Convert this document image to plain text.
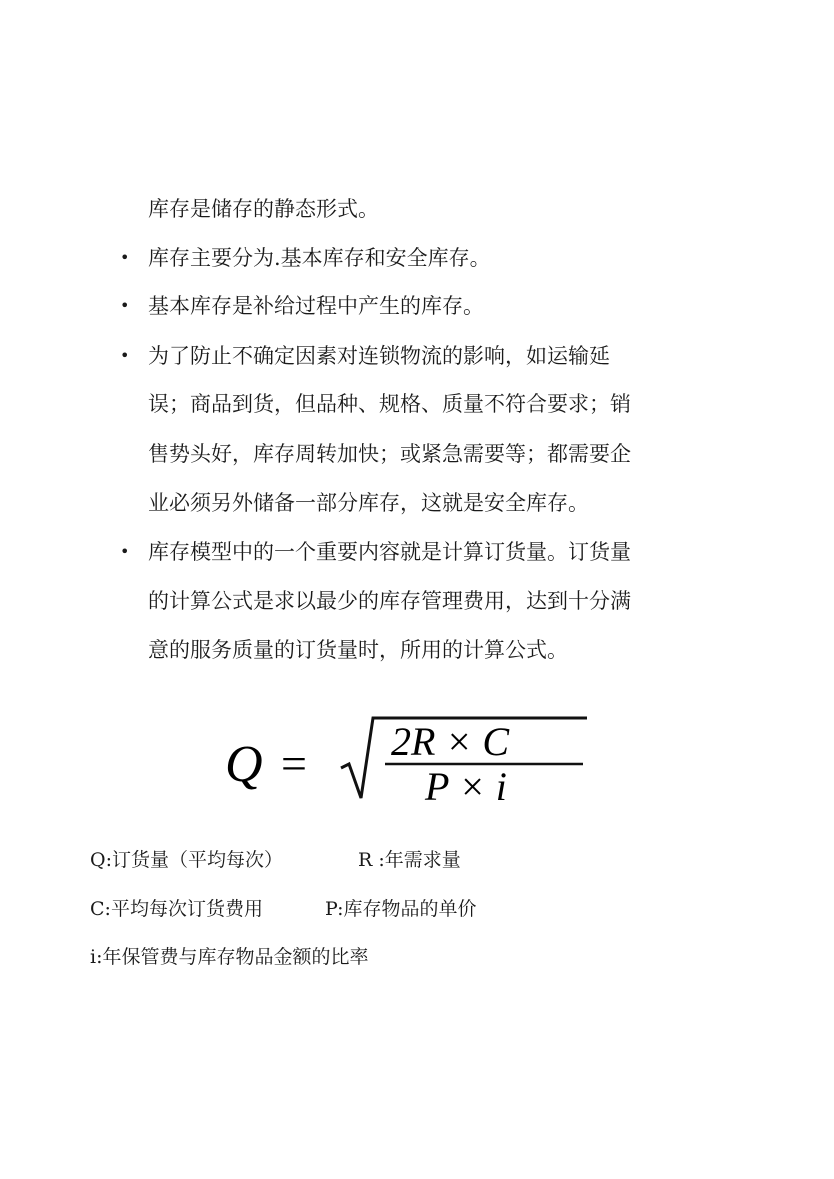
库存是储存的静态形式。
• 库存主要分为.基本库存和安全库存。
• 基本库存是补给过程中产生的库存。
• 为了防止不确定因素对连锁物流的影响，如运输延
误；商品到货，但品种、规格、质量不符合要求；销
售势头好，库存周转加快；或紧急需要等；都需要企
业必须另外储备一部分库存，这就是安全库存。
• 库存模型中的一个重要内容就是计算订货量。订货量
的计算公式是求以最少的库存管理费用，达到十分满
意的服务质量的订货量时，所用的计算公式。
Q = 2R × C
P × i
Q:订货量（平均每次）	R :年需求量
C:平均每次订货费用	P:库存物品的单价
i:年保管费与库存物品金额的比率
